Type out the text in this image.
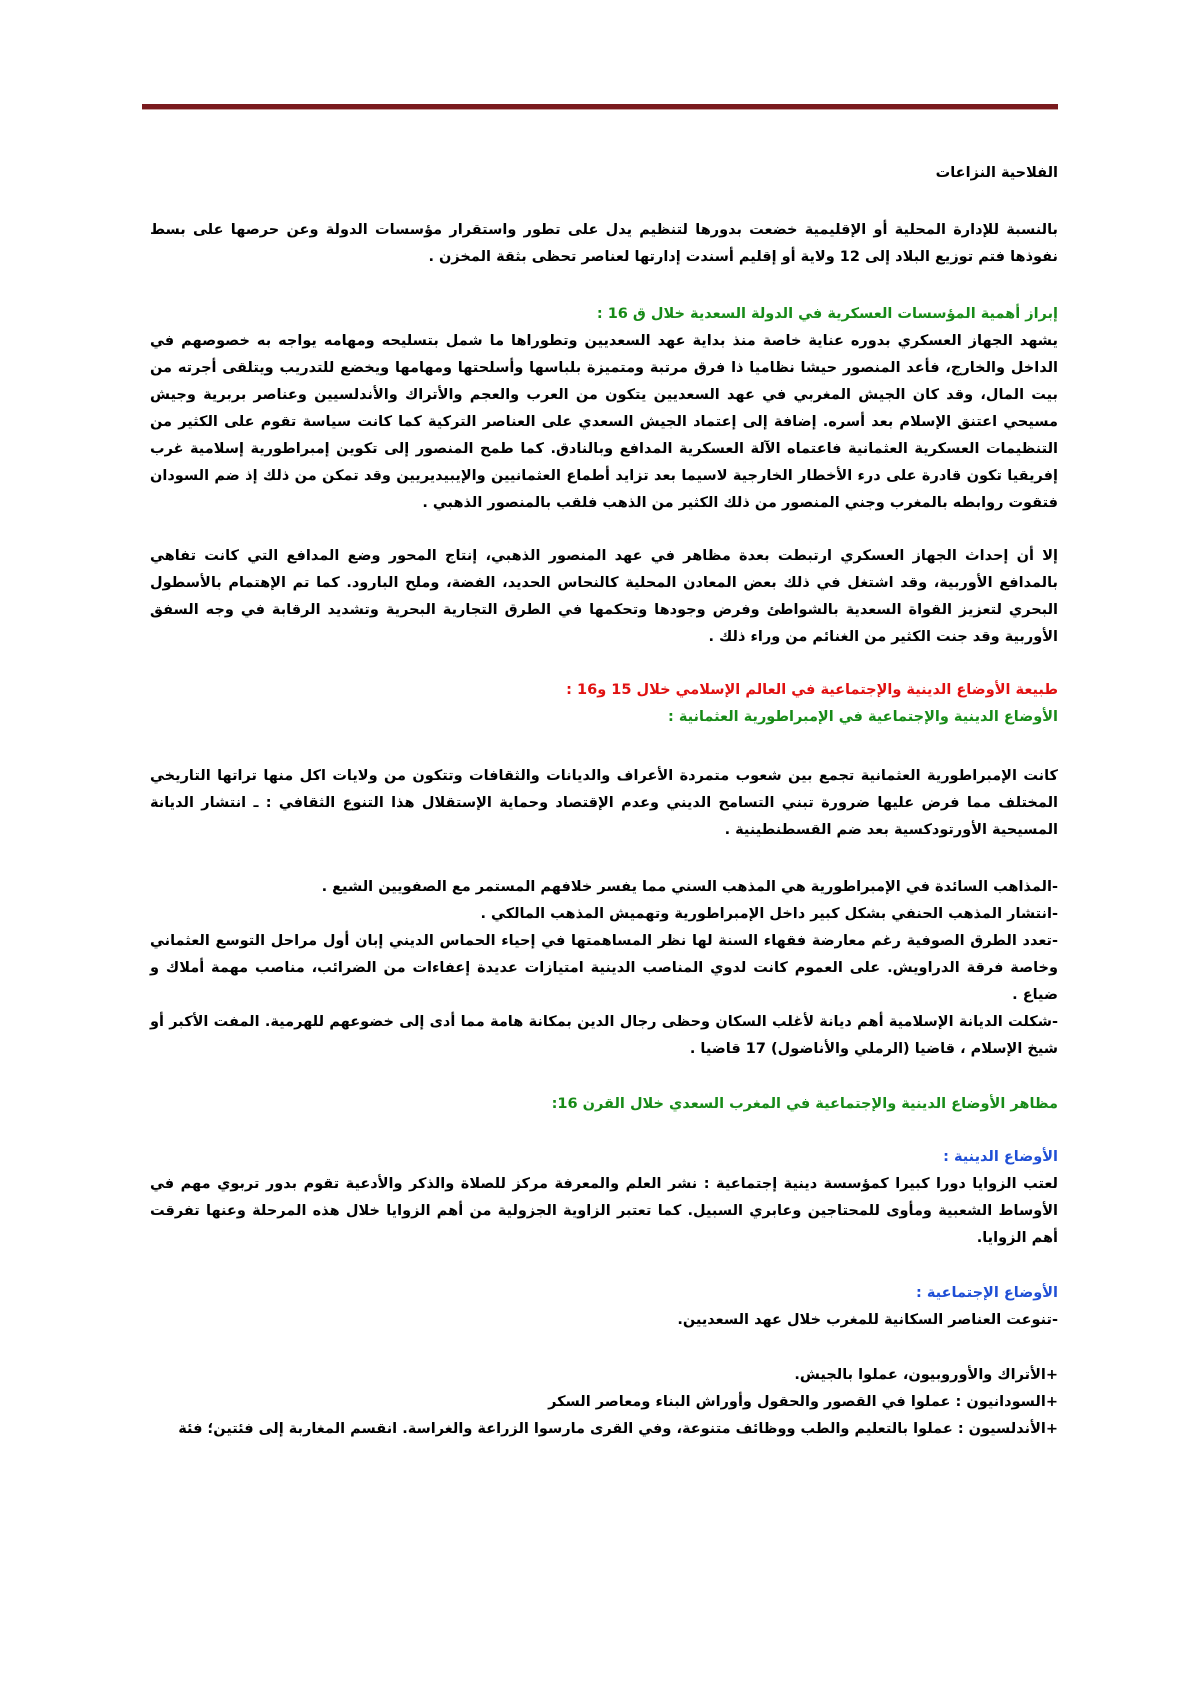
الفلاحية النزاعات

بالنسبة للإدارة المحلية أو الإقليمية خضعت بدورها لتنظيم يدل على تطور واستقرار مؤسسات الدولة وعن حرصها على بسط نفوذها فتم توزيع البلاد إلى 12 ولاية أو إقليم أسندت إدارتها لعناصر تحظى بثقة المخزن .

إبراز أهمية المؤسسات العسكرية في الدولة السعدية خلال ق 16 :

يشهد الجهاز العسكري بدوره عناية خاصة منذ بداية عهد السعديين وتطوراها ما شمل بتسليحه ومهامه يواجه به خصوصهم في الداخل والخارج، فأعد المنصور حيشا نظاميا ذا فرق مرتبة ومتميزة بلباسها وأسلحتها ومهامها ويخضع للتدريب ويتلقى أجرته من بيت المال، وقد كان الجيش المغربي في عهد السعديين يتكون من العرب والعجم والأتراك والأندلسيين وعناصر بربرية وجيش مسيحي اعتنق الإسلام بعد أسره. إضافة إلى إعتماد الجيش السعدي على العناصر التركية كما كانت سياسة تقوم على الكثير من التنظيمات العسكرية العثمانية فاعتماه الآلة العسكرية المدافع وبالنادق. كما طمح المنصور إلى تكوين إمبراطورية إسلامية غرب إفريقيا تكون قادرة على درء الأخطار الخارجية لاسيما بعد تزايد أطماع العثمانيين والإيبيديريين وقد تمكن من ذلك إذ ضم السودان فتقوت روابطه بالمغرب وجني المنصور من ذلك الكثير من الذهب فلقب بالمنصور الذهبي .

إلا أن إحداث الجهاز العسكري ارتبطت بعدة مظاهر في عهد المنصور الذهبي، إنتاج المحور وضع المدافع التي كانت تفاهي بالمدافع الأوربية، وقد اشتغل في ذلك بعض المعادن المحلية كالنحاس الحديد، الفضة، وملح البارود. كما تم الإهتمام بالأسطول البحري لتعزيز القواة السعدية بالشواطئ وفرض وجودها وتحكمها في الطرق التجارية البحرية وتشديد الرقابة في وجه السفق الأوربية وقد جنت الكثير من الغنائم من وراء ذلك .

طبيعة الأوضاع الدينية والإجتماعية في العالم الإسلامي خلال 15 و16 :

الأوضاع الدينية والإجتماعية في الإمبراطورية العثمانية :

كانت الإمبراطورية العثمانية تجمع بين شعوب متمردة الأعراف والديانات والثقافات وتتكون من ولايات اكل منها تراتها التاريخي المختلف مما فرض عليها ضرورة تبني التسامح الديني وعدم الإقتصاد وحماية الإستقلال هذا التنوع الثقافي : ـ انتشار الديانة المسيحية الأورتودكسية بعد ضم القسطنطينية .

-المذاهب السائدة في الإمبراطورية هي المذهب السني مما يفسر خلافهم المستمر مع الصفويين الشيع .

-انتشار المذهب الحنفي بشكل كبير داخل الإمبراطورية وتهميش المذهب المالكي .

-تعدد الطرق الصوفية رغم معارضة فقهاء السنة لها نظر المساهمتها في إحياء الحماس الديني إبان أول مراحل التوسع العثماني وخاصة فرقة الدراويش. على العموم كانت لدوي المناصب الدينية امتيازات عديدة إعفاءات من الضرائب، مناصب مهمة أملاك و ضياع .

-شكلت الديانة الإسلامية أهم ديانة لأغلب السكان وحظى رجال الدين بمكانة هامة مما أدى إلى خضوعهم للهرمية. المفت الأكبر أو شيخ الإسلام ، قاضيا (الرملي والأناضول) 17 قاضيا .

مظاهر الأوضاع الدينية والإجتماعية في المغرب السعدي خلال القرن 16:

الأوضاع الدينية :

لعتب الزوايا دورا كبيرا كمؤسسة دينية إجتماعية : نشر العلم والمعرفة مركز للصلاة والذكر والأدعية تقوم بدور تربوي مهم في الأوساط الشعبية ومأوى للمحتاجين وعابري السبيل. كما تعتبر الزاوية الجزولية من أهم الزوايا خلال هذه المرحلة وعنها تفرقت أهم الزوايا.

الأوضاع الإجتماعية :

-تنوعت العناصر السكانية للمغرب خلال عهد السعديين.

+الأتراك والأوروبيون، عملوا بالجيش.

+السودانيون : عملوا في القصور والحقول وأوراش البناء ومعاصر السكر

+الأندلسيون : عملوا بالتعليم والطب ووظائف متنوعة، وفي القرى مارسوا الزراعة والغراسة. انقسم المغاربة إلى فئتين؛ فئة
